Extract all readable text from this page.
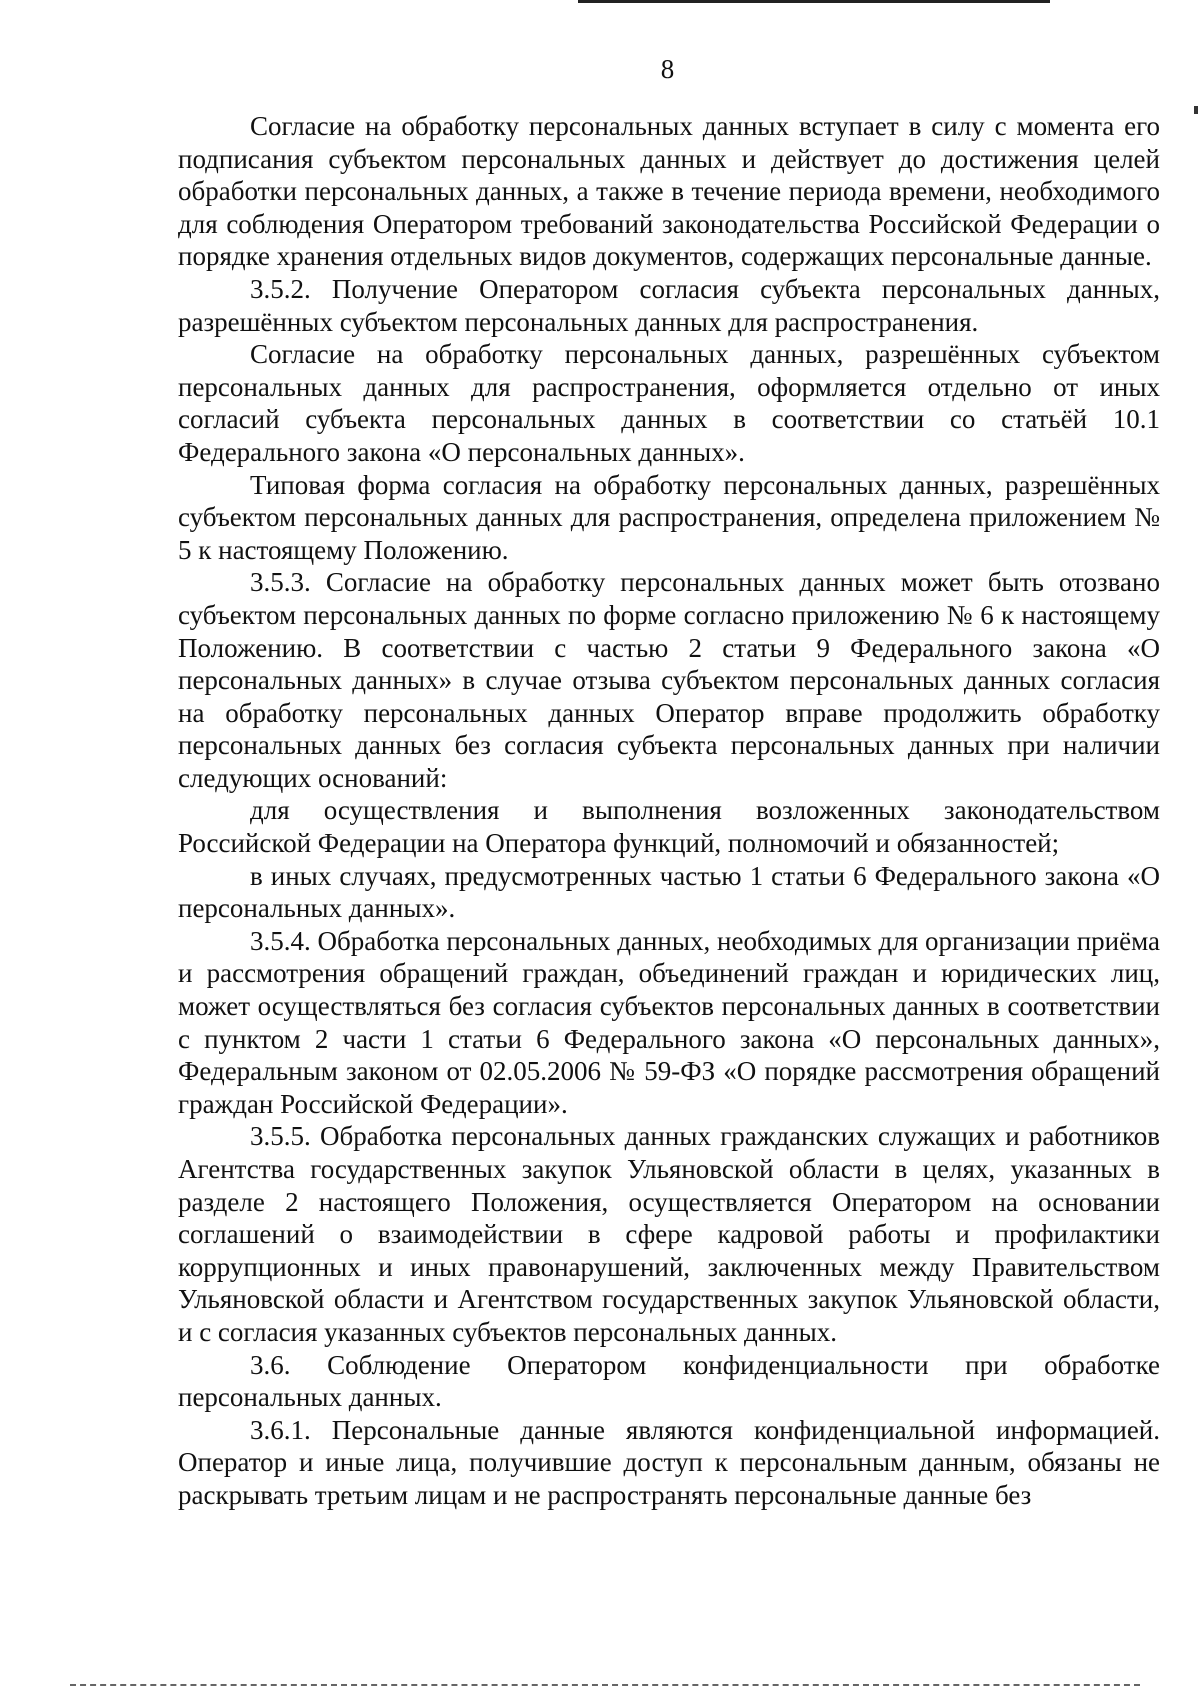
8

Согласие на обработку персональных данных вступает в силу с момента его подписания субъектом персональных данных и действует до достижения целей обработки персональных данных, а также в течение периода времени, необходимого для соблюдения Оператором требований законодательства Российской Федерации о порядке хранения отдельных видов документов, содержащих персональные данные.

3.5.2. Получение Оператором согласия субъекта персональных данных, разрешённых субъектом персональных данных для распространения.

Согласие на обработку персональных данных, разрешённых субъектом персональных данных для распространения, оформляется отдельно от иных согласий субъекта персональных данных в соответствии со статьёй 10.1 Федерального закона «О персональных данных».

Типовая форма согласия на обработку персональных данных, разрешённых субъектом персональных данных для распространения, определена приложением № 5 к настоящему Положению.

3.5.3. Согласие на обработку персональных данных может быть отозвано субъектом персональных данных по форме согласно приложению № 6 к настоящему Положению. В соответствии с частью 2 статьи 9 Федерального закона «О персональных данных» в случае отзыва субъектом персональных данных согласия на обработку персональных данных Оператор вправе продолжить обработку персональных данных без согласия субъекта персональных данных при наличии следующих оснований:

для осуществления и выполнения возложенных законодательством Российской Федерации на Оператора функций, полномочий и обязанностей;

в иных случаях, предусмотренных частью 1 статьи 6 Федерального закона «О персональных данных».

3.5.4. Обработка персональных данных, необходимых для организации приёма и рассмотрения обращений граждан, объединений граждан и юридических лиц, может осуществляться без согласия субъектов персональных данных в соответствии с пунктом 2 части 1 статьи 6 Федерального закона «О персональных данных», Федеральным законом от 02.05.2006 № 59-ФЗ «О порядке рассмотрения обращений граждан Российской Федерации».

3.5.5. Обработка персональных данных гражданских служащих и работников Агентства государственных закупок Ульяновской области в целях, указанных в разделе 2 настоящего Положения, осуществляется Оператором на основании соглашений о взаимодействии в сфере кадровой работы и профилактики коррупционных и иных правонарушений, заключенных между Правительством Ульяновской области и Агентством государственных закупок Ульяновской области, и с согласия указанных субъектов персональных данных.

3.6. Соблюдение Оператором конфиденциальности при обработке персональных данных.

3.6.1. Персональные данные являются конфиденциальной информацией. Оператор и иные лица, получившие доступ к персональным данным, обязаны не раскрывать третьим лицам и не распространять персональные данные без
